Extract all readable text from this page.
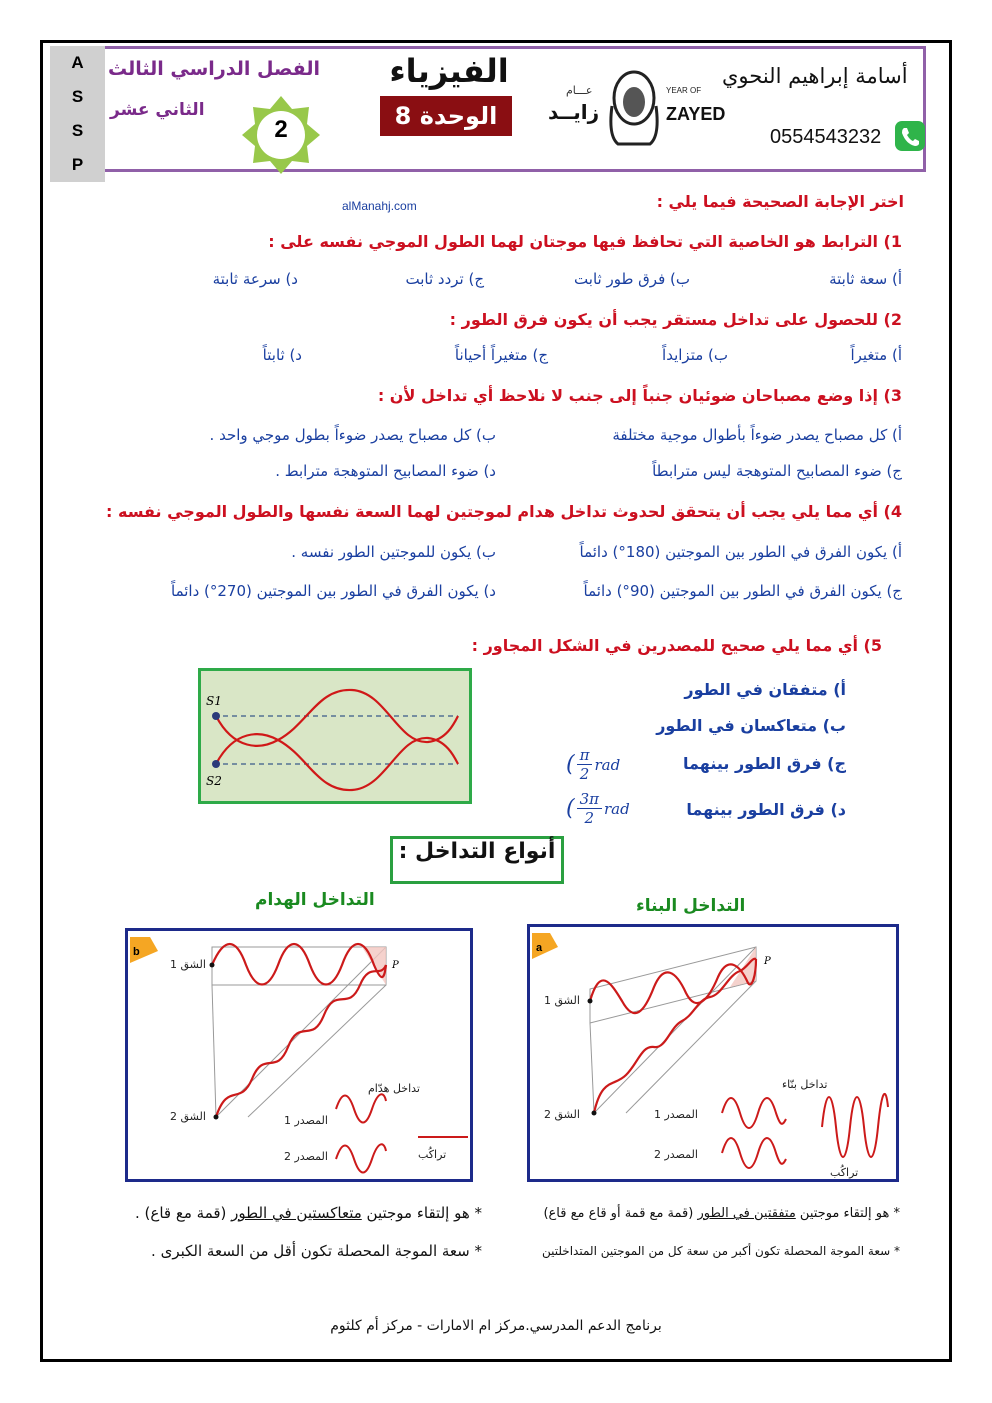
A
S
S
P
الفصل الدراسي الثالث
الثاني عشر
2
الفيزياء
الوحدة 8
عـــام
زايــد
YEAR OF
ZAYED
أسامة إبراهيم النحوي
0554543232
alManahj.com	اختر الإجابة الصحيحة فيما يلي :
1) الترابط هو الخاصية التي تحافظ فيها موجتان لهما الطول الموجي نفسه على :
أ) سعة ثابتة
ب) فرق طور ثابت
ج) تردد ثابت
د) سرعة ثابتة
2) للحصول على تداخل مستقر يجب أن يكون فرق الطور :
أ) متغيراً
ب) متزايداً
ج) متغيراً أحياناً
د) ثابتاً
3) إذا وضع مصباحان ضوئيان جنباً إلى جنب لا نلاحظ أي تداخل لأن :
أ) كل مصباح يصدر ضوءاً بأطوال موجية مختلفة
ب) كل مصباح يصدر ضوءاً بطول موجي واحد .
ج) ضوء المصابيح المتوهجة ليس مترابطاً
د) ضوء المصابيح المتوهجة مترابط .
4) أي مما يلي يجب أن يتحقق لحدوث تداخل هدام لموجتين لهما السعة نفسها والطول الموجي نفسه :
أ) يكون الفرق في الطور بين الموجتين (180°) دائماً
ب) يكون للموجتين الطور نفسه .
ج) يكون الفرق في الطور بين الموجتين (90°) دائماً
د) يكون الفرق في الطور بين الموجتين (270°) دائماً
5) أي مما يلي صحيح للمصدرين في الشكل المجاور :
أ) متفقان في الطور
ب) متعاكسان في الطور
ج) فرق الطور بينهما
د) فرق الطور بينهما
( $\frac{\pi}{2}$ rad
( $\frac{3\pi}{2}$ rad
S1
S2
أنواع التداخل :
التداخل الهدام	التداخل البناء
b
الشق 1
الشق 2
P
تداخل هدّام
المصدر 1
المصدر 2	تراكُب
a
الشق 1
الشق 2
P
تداخل بنّاء
المصدر 1
المصدر 2
تراكُب
* هو إلتقاء موجتين متعاكستين في الطور (قمة مع قاع) .
* سعة الموجة المحصلة تكون أقل من السعة الكبرى .
* هو إلتقاء موجتين متفقتين في الطور (قمة مع قمة أو قاع مع قاع)
* سعة الموجة المحصلة تكون أكبر من سعة كل من الموجتين المتداخلتين
برنامج الدعم المدرسي.مركز ام الامارات - مركز أم كلثوم
